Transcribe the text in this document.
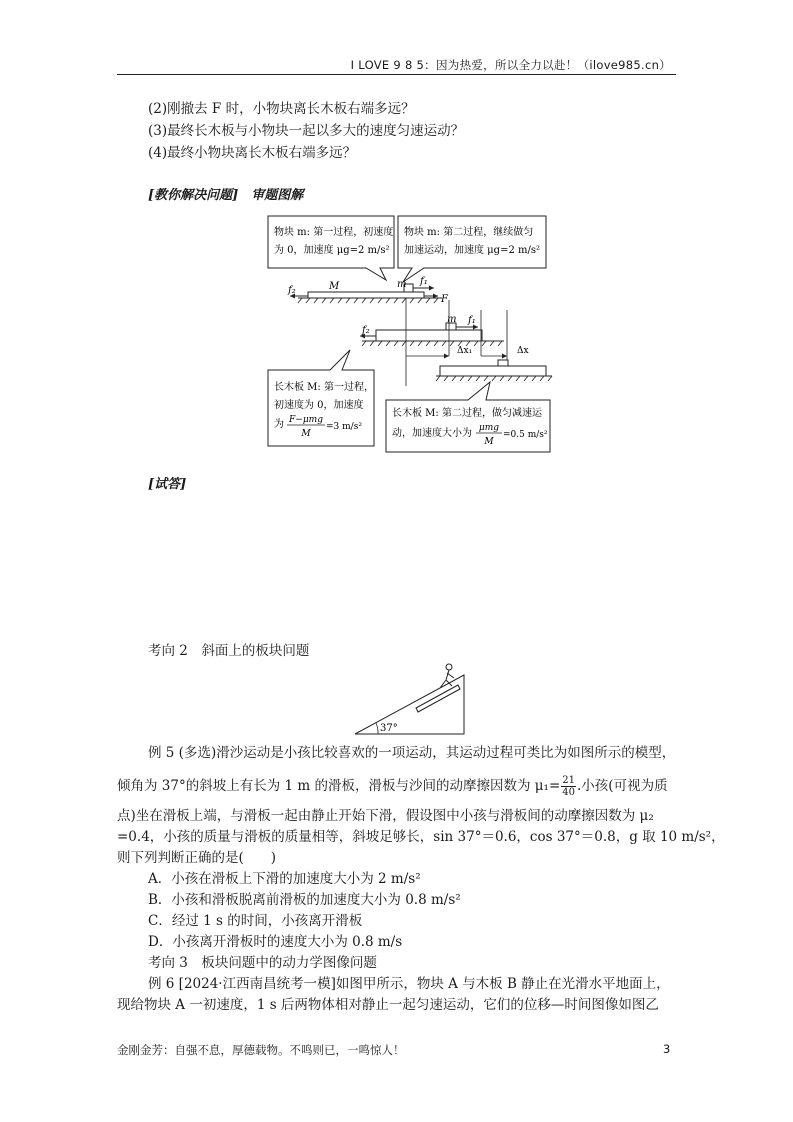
I LOVE 9 8 5：因为热爱，所以全力以赴！（ilove985.cn）
(2)刚撤去 F 时，小物块离长木板右端多远？
(3)最终长木板与小物块一起以多大的速度匀速运动？
(4)最终小物块离长木板右端多远？
[教你解决问题]　审题图解
物块 m: 第一过程，初速度
为 0，加速度 μg=2 m/s²
物块 m: 第二过程，继续做匀
加速运动，加速度 μg=2 m/s²
M	m f₁
f₂
F
m f₁
f₂
Δx₁	Δx
长木板 M: 第一过程，
初速度为 0，加速度
为 F−μmg
M
=3 m/s²
长木板 M: 第二过程，做匀减速运
动，加速度大小为 μmg
M
=0.5 m/s²
[试答]
考向 2　斜面上的板块问题
37°
例 5 (多选)滑沙运动是小孩比较喜欢的一项运动，其运动过程可类比为如图所示的模型，
倾角为 37°的斜坡上有长为 1 m 的滑板，滑板与沙间的动摩擦因数为 $\mu_1= \frac{21}{40}$ .小孩(可视为质
点)坐在滑板上端，与滑板一起由静止开始下滑，假设图中小孩与滑板间的动摩擦因数为 μ₂
=0.4，小孩的质量与滑板的质量相等，斜坡足够长，sin 37°＝0.6，cos 37°＝0.8，g 取 10 m/s²，
则下列判断正确的是(　　)
A．小孩在滑板上下滑的加速度大小为 2 m/s²
B．小孩和滑板脱离前滑板的加速度大小为 0.8 m/s²
C．经过 1 s 的时间，小孩离开滑板
D．小孩离开滑板时的速度大小为 0.8 m/s
考向 3　板块问题中的动力学图像问题
例 6 [2024·江西南昌统考一模]如图甲所示，物块 A 与木板 B 静止在光滑水平地面上，
现给物块 A 一初速度，1 s 后两物体相对静止一起匀速运动，它们的位移—时间图像如图乙
金刚金芳：自强不息，厚德载物。不鸣则已，一鸣惊人！	3
